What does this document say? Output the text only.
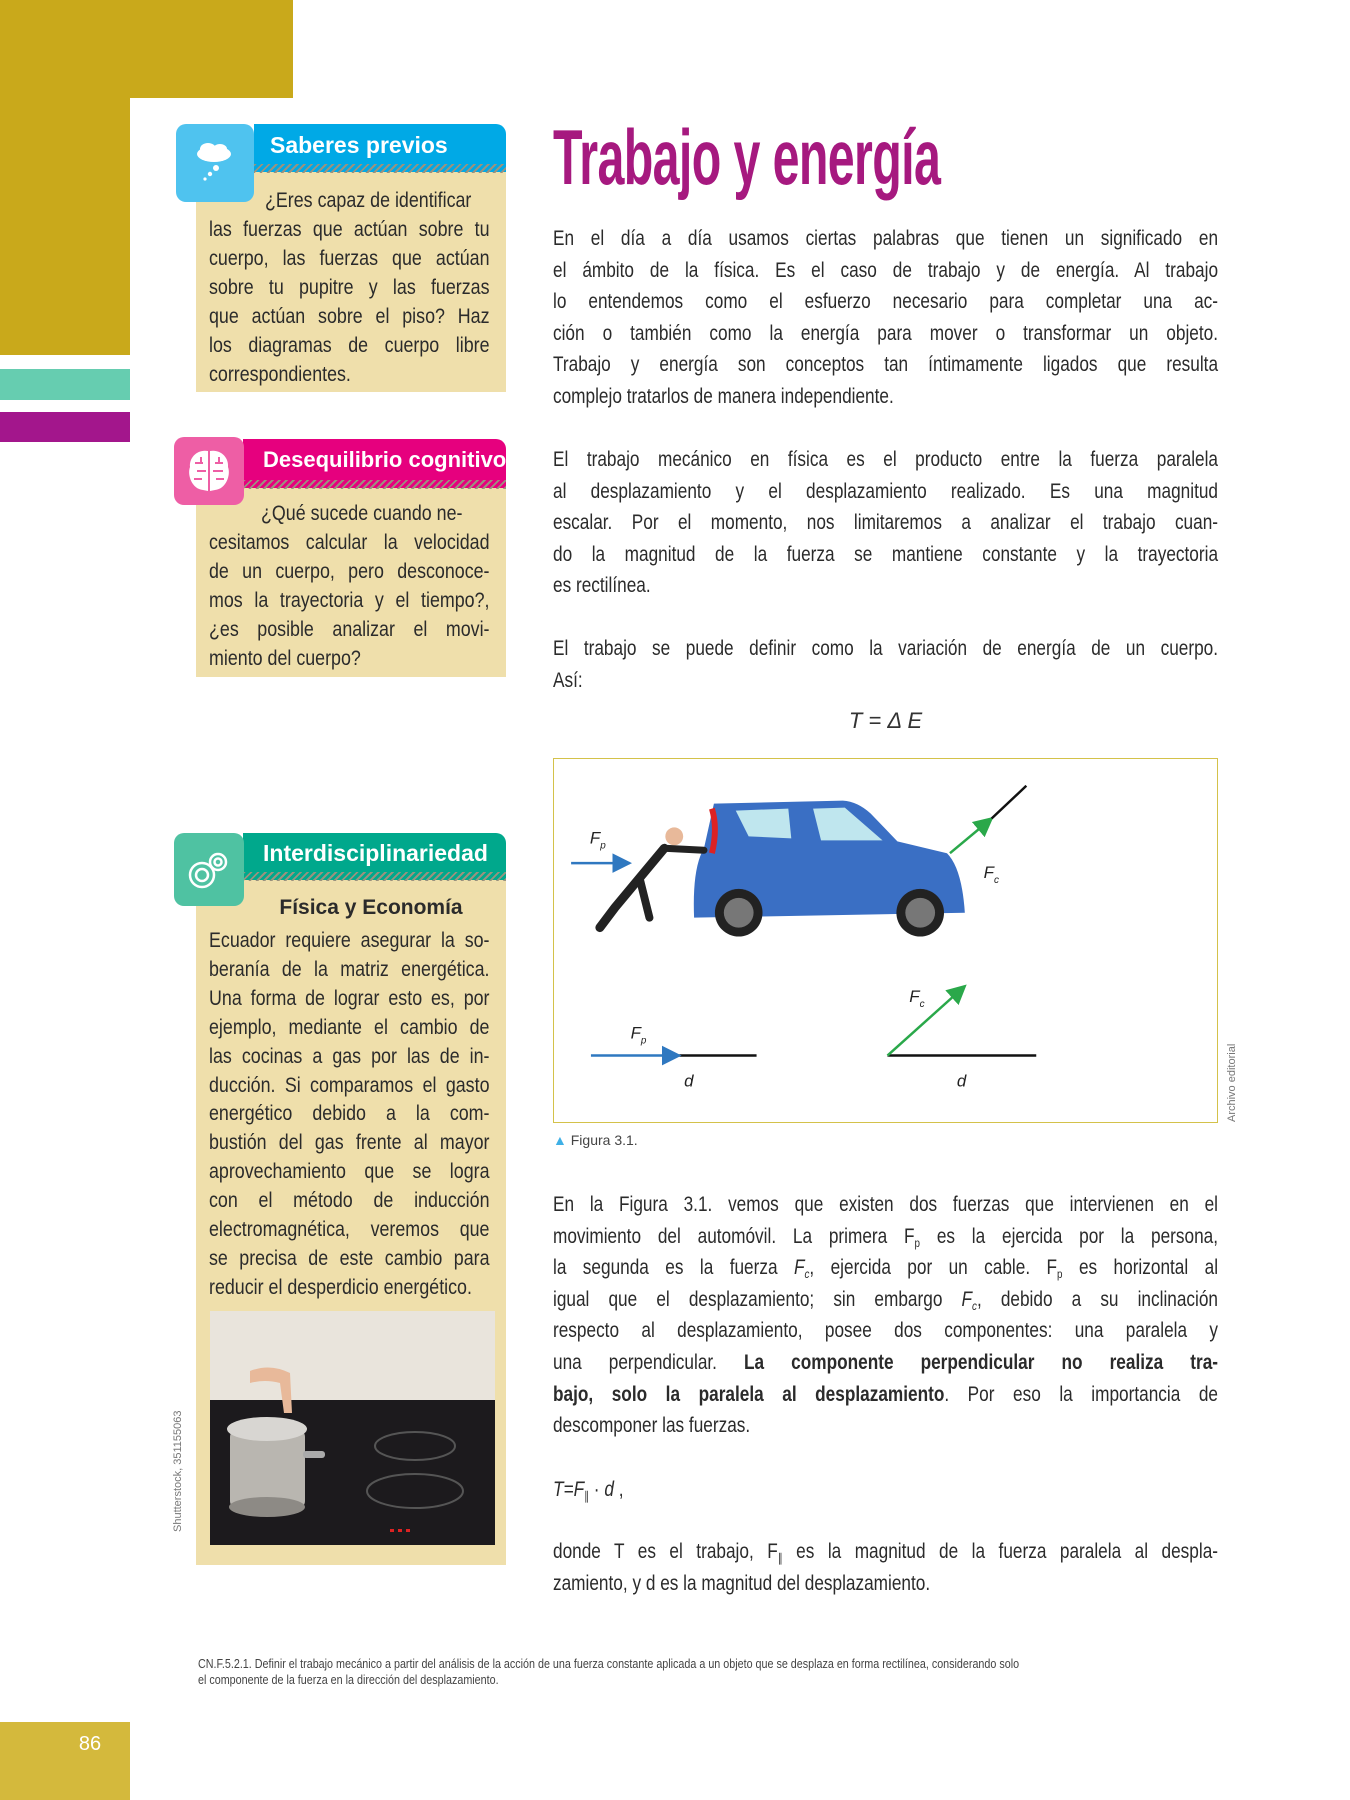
86
Saberes previos
¿Eres capaz de identificar
las fuerzas que actúan sobre tu
cuerpo, las fuerzas que actúan
sobre tu pupitre y las fuerzas
que actúan sobre el piso? Haz
los diagramas de cuerpo libre
correspondientes.
Desequilibrio cognitivo
¿Qué sucede cuando ne-
cesitamos calcular la velocidad
de un cuerpo, pero desconoce-
mos la trayectoria y el tiempo?,
¿es posible analizar el movi-
miento del cuerpo?
Interdisciplinariedad
Física y Economía
Ecuador requiere asegurar la so-
beranía de la matriz energética.
Una forma de lograr esto es, por
ejemplo, mediante el cambio de
las cocinas a gas por las de in-
ducción. Si comparamos el gasto
energético debido a la com-
bustión del gas frente al mayor
aprovechamiento que se logra
con el método de inducción
electromagnética, veremos que
se precisa de este cambio para
reducir el desperdicio energético.
Shutterstock, 351155063
Trabajo y energía
En el día a día usamos ciertas palabras que tienen un significado en
el ámbito de la física. Es el caso de trabajo y de energía. Al trabajo
lo entendemos como el esfuerzo necesario para completar una ac-
ción o también como la energía para mover o transformar un objeto.
Trabajo y energía son conceptos tan íntimamente ligados que resulta
complejo tratarlos de manera independiente.
El trabajo mecánico en física es el producto entre la fuerza paralela
al desplazamiento y el desplazamiento realizado. Es una magnitud
escalar. Por el momento, nos limitaremos a analizar el trabajo cuan-
do la magnitud de la fuerza se mantiene constante y la trayectoria
es rectilínea.
El trabajo se puede definir como la variación de energía de un cuerpo.
Así:
En la Figura 3.1. vemos que existen dos fuerzas que intervienen en el
movimiento del automóvil. La primera $F_p$ es la ejercida por la persona,
la segunda es la fuerza $F_c$, ejercida por un cable. $F_p$ es horizontal al
igual que el desplazamiento; sin embargo $F_c$, debido a su inclinación
respecto al desplazamiento, posee dos componentes: una paralela y
una perpendicular. La componente perpendicular no realiza tra-
bajo, solo la paralela al desplazamiento. Por eso la importancia de
descomponer las fuerzas.
$T=F_\parallel \cdot d$ ,
donde T es el trabajo, $F_\parallel$ es la magnitud de la fuerza paralela al despla-
zamiento, y d es la magnitud del desplazamiento.
T = Δ E
$F_p$
$F_c$
$F_c$
$F_p$
d	d	Archivo editorial
▲ Figura 3.1.
CN.F.5.2.1. Definir el trabajo mecánico a partir del análisis de la acción de una fuerza constante aplicada a un objeto que se desplaza en forma rectilínea, considerando solo
el componente de la fuerza en la dirección del desplazamiento.
